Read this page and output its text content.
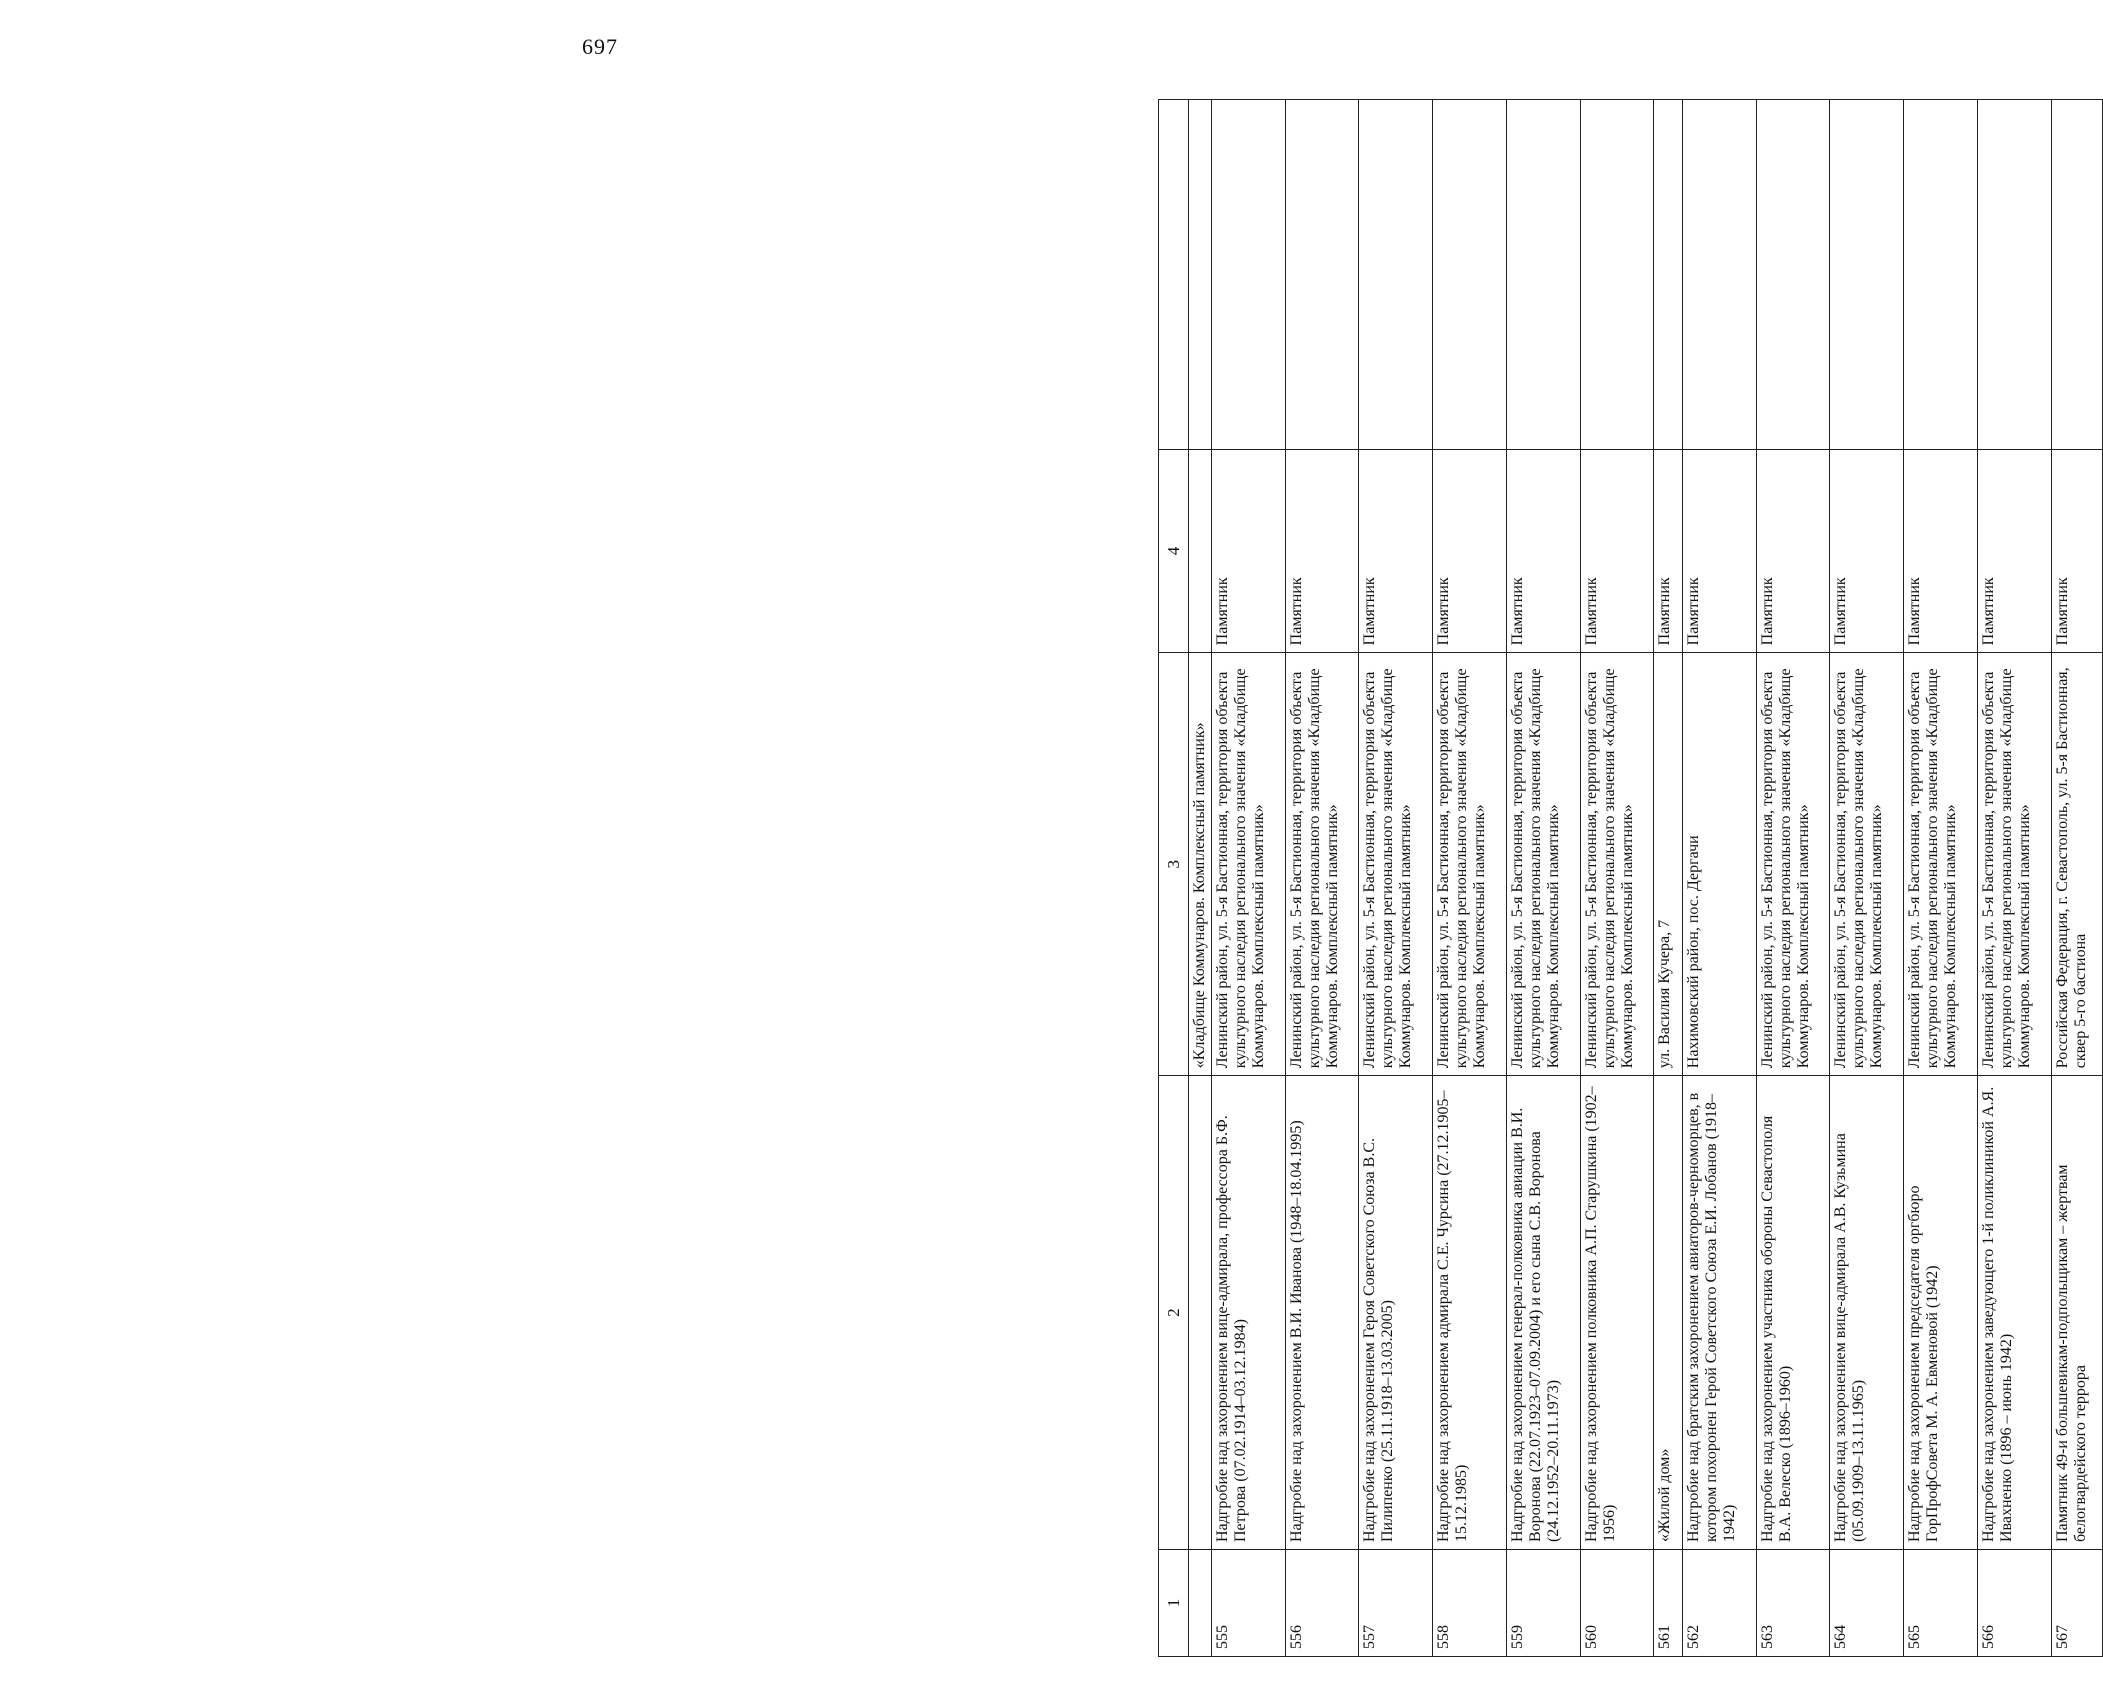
697
1	2	3	4	
		«Кладбище Коммунаров. Комплексный памятник»		
555	Надгробие над захоронением вице-адмирала, профессора Б.Ф. Петрова (07.02.1914–03.12.1984)	Ленинский район, ул. 5-я Бастионная, территория объекта культурного наследия регионального значения «Кладбище Коммунаров. Комплексный памятник»	Памятник	
556	Надгробие над захоронением В.И. Иванова (1948–18.04.1995)	Ленинский район, ул. 5-я Бастионная, территория объекта культурного наследия регионального значения «Кладбище Коммунаров. Комплексный памятник»	Памятник	
557	Надгробие над захоронением Героя Советского Союза В.С. Пилипенко (25.11.1918–13.03.2005)	Ленинский район, ул. 5-я Бастионная, территория объекта культурного наследия регионального значения «Кладбище Коммунаров. Комплексный памятник»	Памятник	
558	Надгробие над захоронением адмирала С.Е. Чурсина (27.12.1905–15.12.1985)	Ленинский район, ул. 5-я Бастионная, территория объекта культурного наследия регионального значения «Кладбище Коммунаров. Комплексный памятник»	Памятник	
559	Надгробие над захоронением генерал-полковника авиации В.И. Воронова (22.07.1923–07.09.2004) и его сына С.В. Воронова (24.12.1952–20.11.1973)	Ленинский район, ул. 5-я Бастионная, территория объекта культурного наследия регионального значения «Кладбище Коммунаров. Комплексный памятник»	Памятник	
560	Надгробие над захоронением полковника А.П. Старушкина (1902–1956)	Ленинский район, ул. 5-я Бастионная, территория объекта культурного наследия регионального значения «Кладбище Коммунаров. Комплексный памятник»	Памятник	
561	«Жилой дом»	ул. Василия Кучера, 7	Памятник	
562	Надгробие над братским захоронением авиаторов-черноморцев, в котором похоронен Герой Советского Союза Е.И. Лобанов (1918–1942)	Нахимовский район, пос. Дергачи	Памятник	
563	Надгробие над захоронением участника обороны Севастополя В.А. Велеско (1896–1960)	Ленинский район, ул. 5-я Бастионная, территория объекта культурного наследия регионального значения «Кладбище Коммунаров. Комплексный памятник»	Памятник	
564	Надгробие над захоронением вице-адмирала А.В. Кузьмина (05.09.1909–13.11.1965)	Ленинский район, ул. 5-я Бастионная, территория объекта культурного наследия регионального значения «Кладбище Коммунаров. Комплексный памятник»	Памятник	
565	Надгробие над захоронением председателя оргбюро ГорПрофСовета М. А. Евменовой (1942)	Ленинский район, ул. 5-я Бастионная, территория объекта культурного наследия регионального значения «Кладбище Коммунаров. Комплексный памятник»	Памятник	
566	Надгробие над захоронением заведующего 1-й поликлиникой А.Я. Ивахненко (1896 – июнь 1942)	Ленинский район, ул. 5-я Бастионная, территория объекта культурного наследия регионального значения «Кладбище Коммунаров. Комплексный памятник»	Памятник	
567	Памятник 49-и большевикам-подпольщикам – жертвам белогвардейского террора	Российская Федерация, г. Севастополь, ул. 5-я Бастионная, сквер 5-го бастиона	Памятник	
